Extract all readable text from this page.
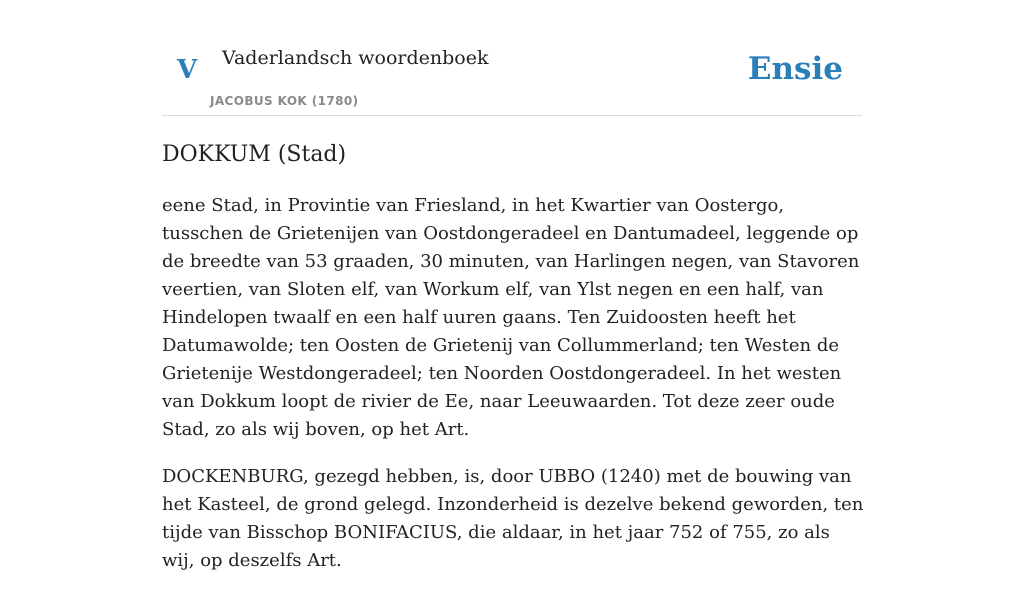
V Vaderlandsch woordenboek
JACOBUS KOK (1780)
Ensie
DOKKUM (Stad)

eene Stad, in Provintie van Friesland, in het Kwartier van Oostergo, tusschen de Grietenijen van Oostdongeradeel en Dantumadeel, leggende op de breedte van 53 graaden, 30 minuten, van Harlingen negen, van Stavoren veertien, van Sloten elf, van Workum elf, van Ylst negen en een half, van Hindelopen twaalf en een half uuren gaans. Ten Zuidoosten heeft het Datumawolde; ten Oosten de Grietenij van Collummerland; ten Westen de Grietenije Westdongeradeel; ten Noorden Oostdongeradeel. In het westen van Dokkum loopt de rivier de Ee, naar Leeuwaarden. Tot deze zeer oude Stad, zo als wij boven, op het Art.

DOCKENBURG, gezegd hebben, is, door UBBO (1240) met de bouwing van het Kasteel, de grond gelegd. Inzonderheid is dezelve bekend geworden, ten tijde van Bisschop BONIFACIUS, die aldaar, in het jaar 752 of 755, zo als wij, op deszelfs Art.
